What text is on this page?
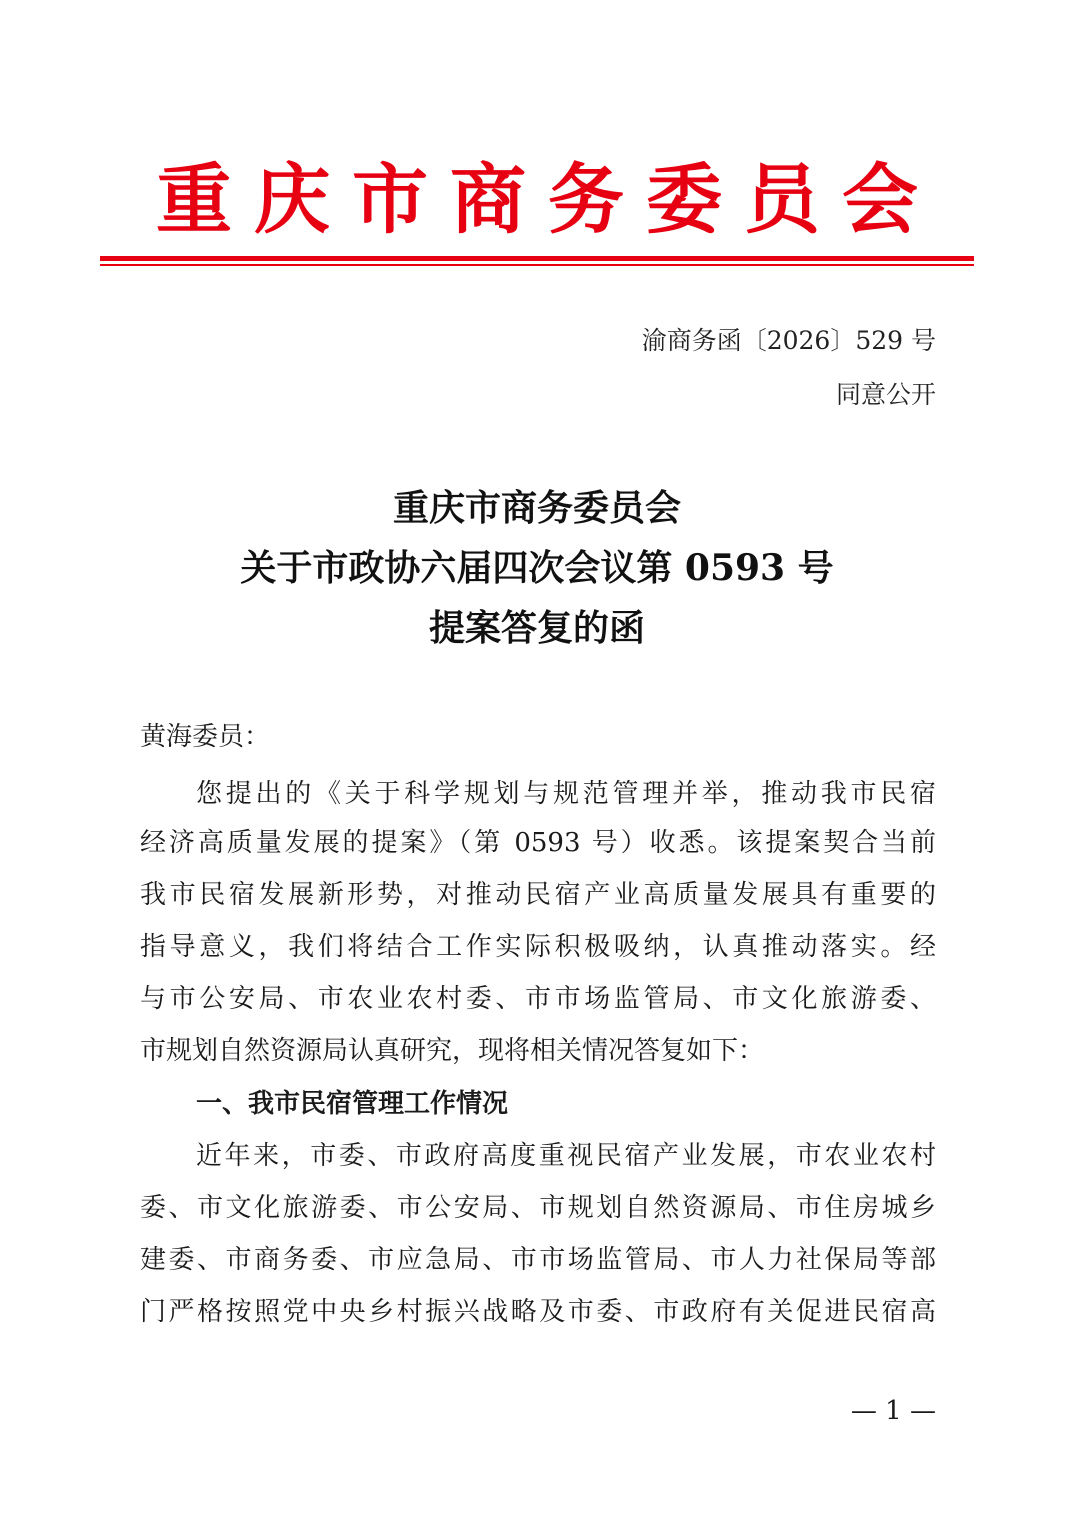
重庆市商务委员会
渝商务函〔2026〕529 号
同意公开
重庆市商务委员会
关于市政协六届四次会议第 0593 号
提案答复的函
黄海委员：
您提出的《关于科学规划与规范管理并举，推动我市民宿
经济高质量发展的提案》（第 0593 号）收悉。该提案契合当前
我市民宿发展新形势，对推动民宿产业高质量发展具有重要的
指导意义，我们将结合工作实际积极吸纳，认真推动落实。经
与市公安局、市农业农村委、市市场监管局、市文化旅游委、
市规划自然资源局认真研究，现将相关情况答复如下：
一、我市民宿管理工作情况
近年来，市委、市政府高度重视民宿产业发展，市农业农村
委、市文化旅游委、市公安局、市规划自然资源局、市住房城乡
建委、市商务委、市应急局、市市场监管局、市人力社保局等部
门严格按照党中央乡村振兴战略及市委、市政府有关促进民宿高
— 1 —
